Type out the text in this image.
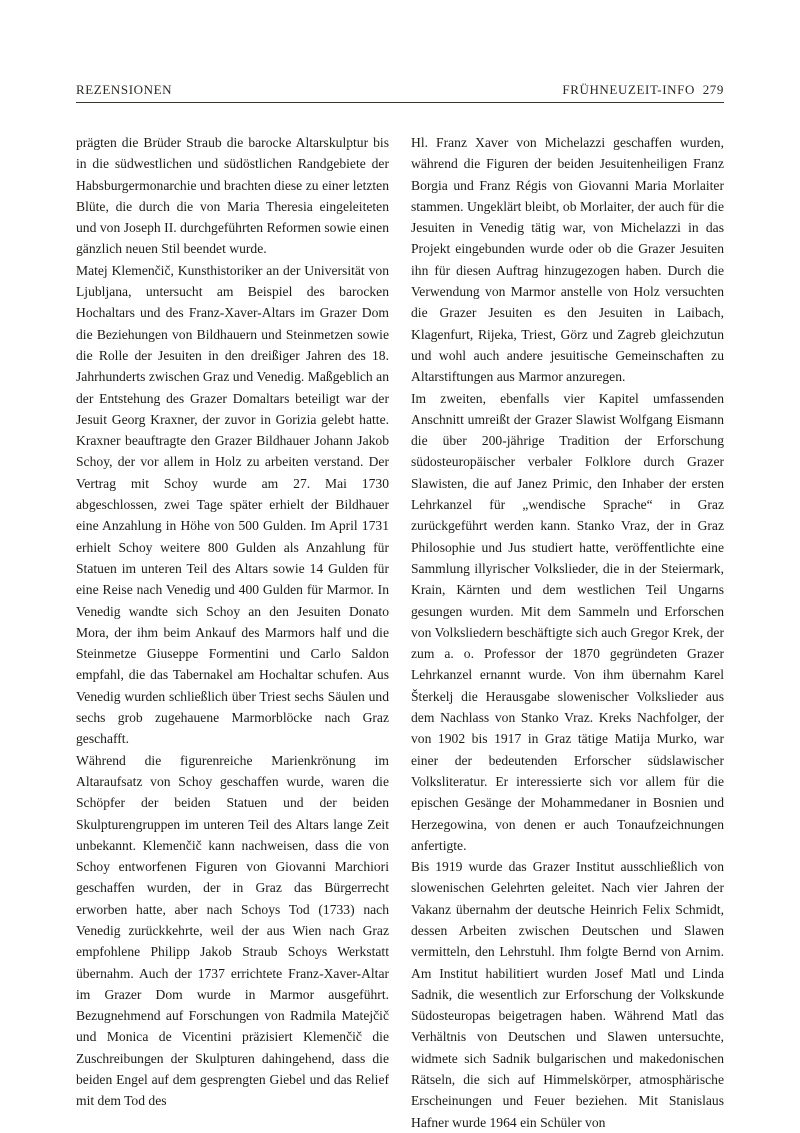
REZENSIONEN	FRÜHNEUZEIT-INFO 279

prägten die Brüder Straub die barocke Altarskulptur bis in die südwestlichen und südöstlichen Randgebiete der Habsburgermonarchie und brachten diese zu einer letzten Blüte, die durch die von Maria Theresia eingeleiteten und von Joseph II. durchgeführten Reformen sowie einen gänzlich neuen Stil beendet wurde.

Matej Klemenčič, Kunsthistoriker an der Universität von Ljubljana, untersucht am Beispiel des barocken Hochaltars und des Franz-Xaver-Altars im Grazer Dom die Beziehungen von Bildhauern und Steinmetzen sowie die Rolle der Jesuiten in den dreißiger Jahren des 18. Jahrhunderts zwischen Graz und Venedig. Maßgeblich an der Entstehung des Grazer Domaltars beteiligt war der Jesuit Georg Kraxner, der zuvor in Gorizia gelebt hatte. Kraxner beauftragte den Grazer Bildhauer Johann Jakob Schoy, der vor allem in Holz zu arbeiten verstand. Der Vertrag mit Schoy wurde am 27. Mai 1730 abgeschlossen, zwei Tage später erhielt der Bildhauer eine Anzahlung in Höhe von 500 Gulden. Im April 1731 erhielt Schoy weitere 800 Gulden als Anzahlung für Statuen im unteren Teil des Altars sowie 14 Gulden für eine Reise nach Venedig und 400 Gulden für Marmor. In Venedig wandte sich Schoy an den Jesuiten Donato Mora, der ihm beim Ankauf des Marmors half und die Steinmetze Giuseppe Formentini und Carlo Saldon empfahl, die das Tabernakel am Hochaltar schufen. Aus Venedig wurden schließlich über Triest sechs Säulen und sechs grob zugehauene Marmorblöcke nach Graz geschafft.

Während die figurenreiche Marienkrönung im Altaraufsatz von Schoy geschaffen wurde, waren die Schöpfer der beiden Statuen und der beiden Skulpturengruppen im unteren Teil des Altars lange Zeit unbekannt. Klemenčič kann nachweisen, dass die von Schoy entworfenen Figuren von Giovanni Marchiori geschaffen wurden, der in Graz das Bürgerrecht erworben hatte, aber nach Schoys Tod (1733) nach Venedig zurückkehrte, weil der aus Wien nach Graz empfohlene Philipp Jakob Straub Schoys Werkstatt übernahm. Auch der 1737 errichtete Franz-Xaver-Altar im Grazer Dom wurde in Marmor ausgeführt. Bezugnehmend auf Forschungen von Radmila Matejčič und Monica de Vicentini präzisiert Klemenčič die Zuschreibungen der Skulpturen dahingehend, dass die beiden Engel auf dem gesprengten Giebel und das Relief mit dem Tod des

Hl. Franz Xaver von Michelazzi geschaffen wurden, während die Figuren der beiden Jesuitenheiligen Franz Borgia und Franz Régis von Giovanni Maria Morlaiter stammen. Ungeklärt bleibt, ob Morlaiter, der auch für die Jesuiten in Venedig tätig war, von Michelazzi in das Projekt eingebunden wurde oder ob die Grazer Jesuiten ihn für diesen Auftrag hinzugezogen haben. Durch die Verwendung von Marmor anstelle von Holz versuchten die Grazer Jesuiten es den Jesuiten in Laibach, Klagenfurt, Rijeka, Triest, Görz und Zagreb gleichzutun und wohl auch andere jesuitische Gemeinschaften zu Altarstiftungen aus Marmor anzuregen.

Im zweiten, ebenfalls vier Kapitel umfassenden Anschnitt umreißt der Grazer Slawist Wolfgang Eismann die über 200-jährige Tradition der Erforschung südosteuropäischer verbaler Folklore durch Grazer Slawisten, die auf Janez Primic, den Inhaber der ersten Lehrkanzel für „wendische Sprache“ in Graz zurückgeführt werden kann. Stanko Vraz, der in Graz Philosophie und Jus studiert hatte, veröffentlichte eine Sammlung illyrischer Volkslieder, die in der Steiermark, Krain, Kärnten und dem westlichen Teil Ungarns gesungen wurden. Mit dem Sammeln und Erforschen von Volksliedern beschäftigte sich auch Gregor Krek, der zum a. o. Professor der 1870 gegründeten Grazer Lehrkanzel ernannt wurde. Von ihm übernahm Karel Šterkelj die Herausgabe slowenischer Volkslieder aus dem Nachlass von Stanko Vraz. Kreks Nachfolger, der von 1902 bis 1917 in Graz tätige Matija Murko, war einer der bedeutenden Erforscher südslawischer Volksliteratur. Er interessierte sich vor allem für die epischen Gesänge der Mohammedaner in Bosnien und Herzegowina, von denen er auch Tonaufzeichnungen anfertigte.

Bis 1919 wurde das Grazer Institut ausschließlich von slowenischen Gelehrten geleitet. Nach vier Jahren der Vakanz übernahm der deutsche Heinrich Felix Schmidt, dessen Arbeiten zwischen Deutschen und Slawen vermitteln, den Lehrstuhl. Ihm folgte Bernd von Arnim. Am Institut habilitiert wurden Josef Matl und Linda Sadnik, die wesentlich zur Erforschung der Volkskunde Südosteuropas beigetragen haben. Während Matl das Verhältnis von Deutschen und Slawen untersuchte, widmete sich Sadnik bulgarischen und makedonischen Rätseln, die sich auf Himmelskörper, atmosphärische Erscheinungen und Feuer beziehen. Mit Stanislaus Hafner wurde 1964 ein Schüler von
